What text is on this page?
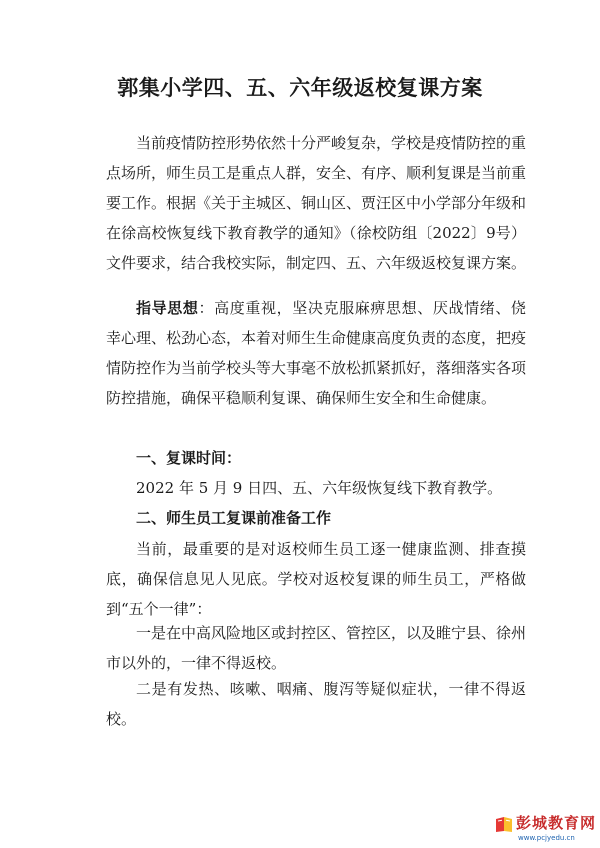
郭集小学四、五、六年级返校复课方案

当前疫情防控形势依然十分严峻复杂，学校是疫情防控的重点场所，师生员工是重点人群，安全、有序、顺利复课是当前重要工作。根据《关于主城区、铜山区、贾汪区中小学部分年级和在徐高校恢复线下教育教学的通知》（徐校防组〔2022〕9号）文件要求，结合我校实际，制定四、五、六年级返校复课方案。

指导思想：高度重视，坚决克服麻痹思想、厌战情绪、侥幸心理、松劲心态，本着对师生生命健康高度负责的态度，把疫情防控作为当前学校头等大事毫不放松抓紧抓好，落细落实各项防控措施，确保平稳顺利复课、确保师生安全和生命健康。

一、复课时间：

2022 年 5 月 9 日四、五、六年级恢复线下教育教学。

二、师生员工复课前准备工作

当前，最重要的是对返校师生员工逐一健康监测、排查摸底，确保信息见人见底。学校对返校复课的师生员工，严格做到“五个一律”：

一是在中高风险地区或封控区、管控区，以及睢宁县、徐州市以外的，一律不得返校。

二是有发热、咳嗽、咽痛、腹泻等疑似症状，一律不得返校。

彭城教育网
www.pcjyedu.cn
